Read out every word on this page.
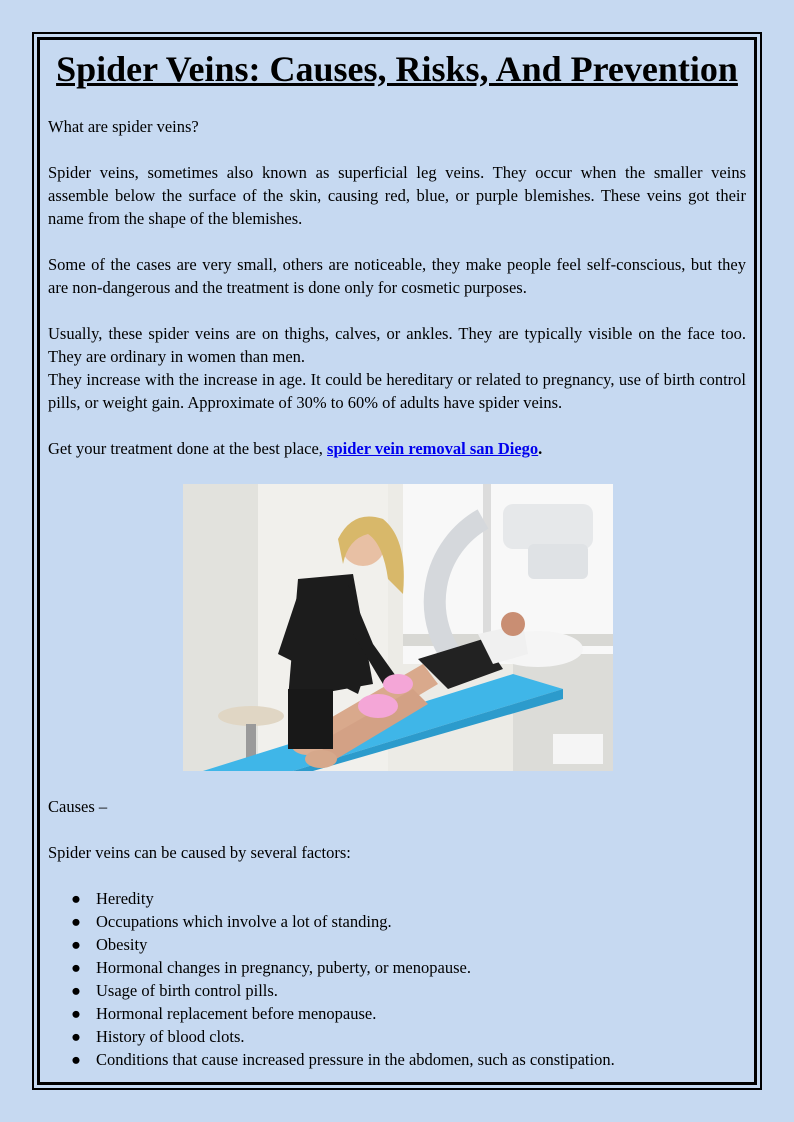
Spider Veins: Causes, Risks, And Prevention

What are spider veins?

Spider veins, sometimes also known as superficial leg veins. They occur when the smaller veins assemble below the surface of the skin, causing red, blue, or purple blemishes. These veins got their name from the shape of the blemishes.

Some of the cases are very small, others are noticeable, they make people feel self-conscious, but they are non-dangerous and the treatment is done only for cosmetic purposes.

Usually, these spider veins are on thighs, calves, or ankles. They are typically visible on the face too. They are ordinary in women than men.

They increase with the increase in age. It could be hereditary or related to pregnancy, use of birth control pills, or weight gain. Approximate of 30% to 60% of adults have spider veins.

Get your treatment done at the best place, spider vein removal san Diego.

Causes –

Spider veins can be caused by several factors:

● Heredity
● Occupations which involve a lot of standing.
● Obesity
● Hormonal changes in pregnancy, puberty, or menopause.
● Usage of birth control pills.
● Hormonal replacement before menopause.
● History of blood clots.
● Conditions that cause increased pressure in the abdomen, such as constipation.
